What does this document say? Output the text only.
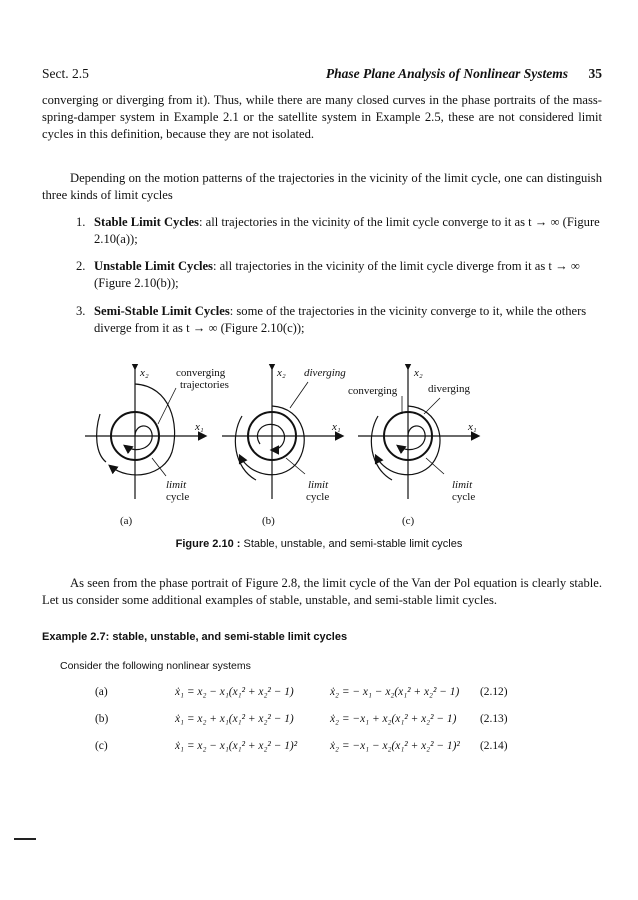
Sect. 2.5	Phase Plane Analysis of Nonlinear Systems 35
converging or diverging from it). Thus, while there are many closed curves in the phase portraits of the mass-spring-damper system in Example 2.1 or the satellite system in Example 2.5, these are not considered limit cycles in this definition, because they are not isolated.
Depending on the motion patterns of the trajectories in the vicinity of the limit cycle, one can distinguish three kinds of limit cycles
1. Stable Limit Cycles: all trajectories in the vicinity of the limit cycle converge to it as t → ∞ (Figure 2.10(a));
2. Unstable Limit Cycles: all trajectories in the vicinity of the limit cycle diverge from it as t → ∞ (Figure 2.10(b));
3. Semi-Stable Limit Cycles: some of the trajectories in the vicinity converge to it, while the others diverge from it as t → ∞ (Figure 2.10(c));
x₂
x₁
converging
trajectories
limit
cycle
(a)
x₂
x₁
diverging
limit
cycle
(b)
x₂
x₁
converging	diverging
limit
cycle
(c)
Figure 2.10 : Stable, unstable, and semi-stable limit cycles
As seen from the phase portrait of Figure 2.8, the limit cycle of the Van der Pol equation is clearly stable. Let us consider some additional examples of stable, unstable, and semi-stable limit cycles.
Example 2.7: stable, unstable, and semi-stable limit cycles
Consider the following nonlinear systems
(a)	ẋ₁ = x₂ − x₁(x₁² + x₂² − 1)	ẋ₂ = − x₁ − x₂(x₁² + x₂² − 1) (2.12)
(b)	ẋ₁ = x₂ + x₁(x₁² + x₂² − 1)	ẋ₂ = −x₁ + x₂(x₁² + x₂² − 1) (2.13)
(c)	ẋ₁ = x₂ − x₁(x₁² + x₂² − 1)²	ẋ₂ = −x₁ − x₂(x₁² + x₂² − 1)² (2.14)
